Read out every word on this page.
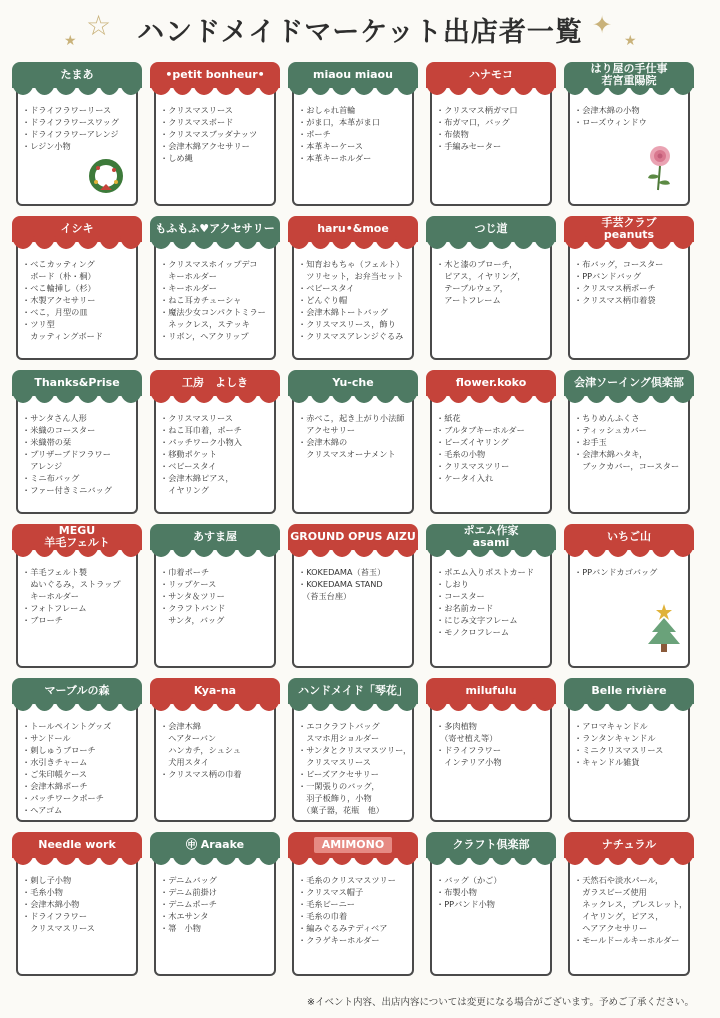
ハンドメイドマーケット出店者一覧
★ ☆	✦
★
たまあ
・ドライフラワーリース
・ドライフラワースワッグ
・ドライフラワーアレンジ
・レジン小物
•petit bonheur•
・クリスマスリース
・クリスマスボード
・クリスマスブッダナッツ
・会津木綿アクセサリー
・しめ縄
miaou miaou
・おしゃれ首輪
・がま口，本革がま口
・ポーチ
・本革キーケース
・本革キーホルダー
ハナモコ
・クリスマス柄ガマ口
・布ガマ口，バッグ
・布俵物
・手編みセーター
はり屋の手仕事
若宮重陽院
・会津木綿の小物
・ローズウィンドウ
イシキ
・べこカッティング
　ボード（朴・桐）
・べこ輪挿し（杉）
・木製アクセサリー
・べこ，月型の皿
・ツリ型
　カッティングボード
もふもふ♥アクセサリー
・クリスマスホイップデコ
　キーホルダー
・キーホルダー
・ねこ耳カチューシャ
・魔法少女コンパクトミラー
　ネックレス，ステッキ
・リボン，ヘアクリップ
haru•&moe
・知育おもちゃ（フェルト）
　ツリセット，お弁当セット
・ベビースタイ
・どんぐり帽
・会津木綿トートバッグ
・クリスマスリース，飾り
・クリスマスアレンジぐるみ
つじ道
・木と漆のブローチ，
　ピアス，イヤリング，
　テーブルウェア，
　アートフレーム
手芸クラブ
peanuts
・布バッグ，コースター
・PPバンドバッグ
・クリスマス柄ポーチ
・クリスマス柄巾着袋
Thanks&Prise
・サンタさん人形
・米織のコースター
・米織帯の栞
・プリザーブドフラワー
　アレンジ
・ミニ布バッグ
・ファー付きミニバッグ
工房　よしき
・クリスマスリース
・ねこ耳巾着，ポーチ
・パッチワーク小物入
・移動ポケット
・ベビースタイ
・会津木綿ピアス，
　イヤリング
Yu-che
・赤べこ，起き上がり小法師
　アクセサリー
・会津木綿の
　クリスマスオーナメント
flower.koko
・紙花
・ブルタブキーホルダー
・ビーズイヤリング
・毛糸の小物
・クリスマスツリー
・ケータイ入れ
会津ソーイング倶楽部
・ちりめんふくさ
・ティッシュカバー
・お手玉
・会津木綿ハタキ，
　ブックカバー，コースター
MEGU
羊毛フェルト
・羊毛フェルト製
　ぬいぐるみ，ストラップ
　キーホルダー
・フォトフレーム
・ブローチ
あすま屋
・巾着ポーチ
・リップケース
・サンタ＆ツリー
・クラフトバンド
　サンタ，バッグ
GROUND OPUS AIZU
・KOKEDAMA（苔玉）
・KOKEDAMA STAND
　（苔玉台座）
ポエム作家
asami
・ポエム入りポストカード
・しおり
・コースター
・お名前カード
・にじみ文字フレーム
・モノクロフレーム
いちご山
・PPバンドカゴバッグ
マーブルの森
・トールペイントグッズ
・サンドール
・刺しゅうブローチ
・水引きチャーム
・ご朱印帳ケース
・会津木綿ポーチ
・パッチワークポーチ
・ヘアゴム
Kya-na
・会津木綿
　ヘアターバン
　ハンカチ，シュシュ
　犬用スタイ
・クリスマス柄の巾着
ハンドメイド「琴花」
・エコクラフトバッグ
　スマホ用ショルダー
・サンタとクリスマスツリー，
　クリスマスリース
・ビーズアクセサリー
・一閑張りのバッグ，
　羽子板飾り，小物
　（菓子器，花瓶　他）
milufulu
・多肉植物
　（寄せ植え等）
・ドライフラワー
　インテリア小物
Belle rivière
・アロマキャンドル
・ランタンキャンドル
・ミニクリスマスリース
・キャンドル雑貨
Needle work
・刺し子小物
・毛糸小物
・会津木綿小物
・ドライフラワー
　クリスマスリース
㊥ Araake
・デニムバッグ
・デニム前掛け
・デニムポーチ
・木エサンタ
・箒　小物
AMIMONO
・毛糸のクリスマスツリー
・クリスマス帽子
・毛糸ビーニー
・毛糸の巾着
・編みぐるみテディベア
・クラゲキーホルダー
クラフト倶楽部
・バッグ（かご）
・布製小物
・PPバンド小物
ナチュラル
・天然石や淡水パール，
　ガラスビーズ使用
　ネックレス，ブレスレット，
　イヤリング，ピアス，
　ヘアアクセサリー
・モールドールキーホルダー
※イベント内容、出店内容については変更になる場合がございます。予めご了承ください。
